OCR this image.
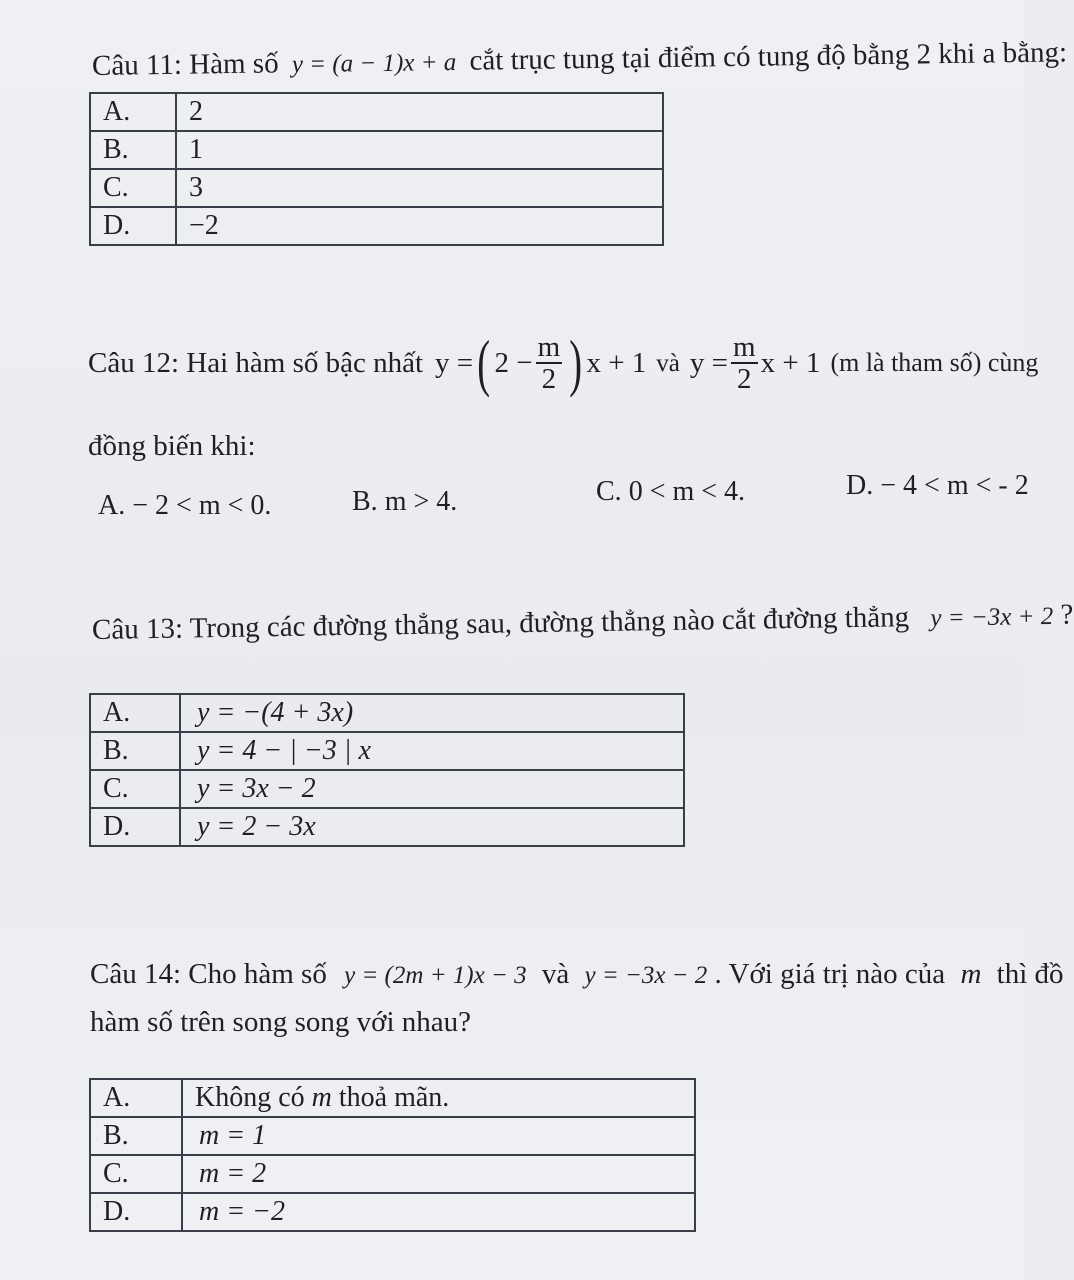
Câu 11: Hàm số y = (a − 1)x + a cắt trục tung tại điểm có tung độ bằng 2 khi a bằng:
A.	2
B.	1
C.	3
D.	−2
Câu 12: Hai hàm số bậc nhất y = ( $2 - \frac{m}{2}$ ) x + 1 và $y = \frac{m}{2}$ x + 1 (m là tham số) cùng
đồng biến khi:
A. − 2 < m < 0.	B. m > 4.	C. 0 < m < 4.	D. − 4 < m < - 2
Câu 13: Trong các đường thẳng sau, đường thẳng nào cắt đường thẳng y = −3x + 2 ?
A.	y = −(4 + 3x)
B.	y = 4 − | −3 | x
C.	y = 3x − 2
D.	y = 2 − 3x
Câu 14: Cho hàm số y = (2m + 1)x − 3 và y = −3x − 2 . Với giá trị nào của m thì đồ
hàm số trên song song với nhau?
A.	Không có m thoả mãn.
B.	m = 1
C.	m = 2
D.	m = −2
